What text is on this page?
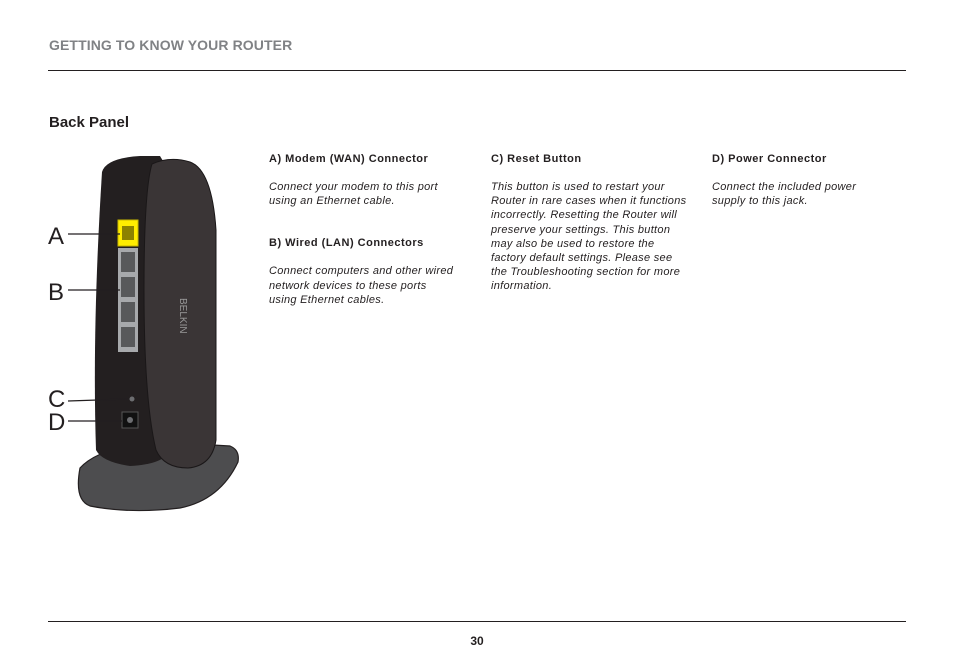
GETTING TO KNOW YOUR ROUTER
Back Panel
BELKIN
A
B
C
D
A) Modem (WAN) Connector

Connect your modem to this port using an Ethernet cable.

B) Wired (LAN) Connectors

Connect computers and other wired network devices to these ports using Ethernet cables.

C) Reset Button

This button is used to restart your Router in rare cases when it functions incorrectly. Resetting the Router will preserve your settings. This button may also be used to restore the factory default settings. Please see the Troubleshooting section for more information.

D) Power Connector

Connect the included power supply to this jack.

30
